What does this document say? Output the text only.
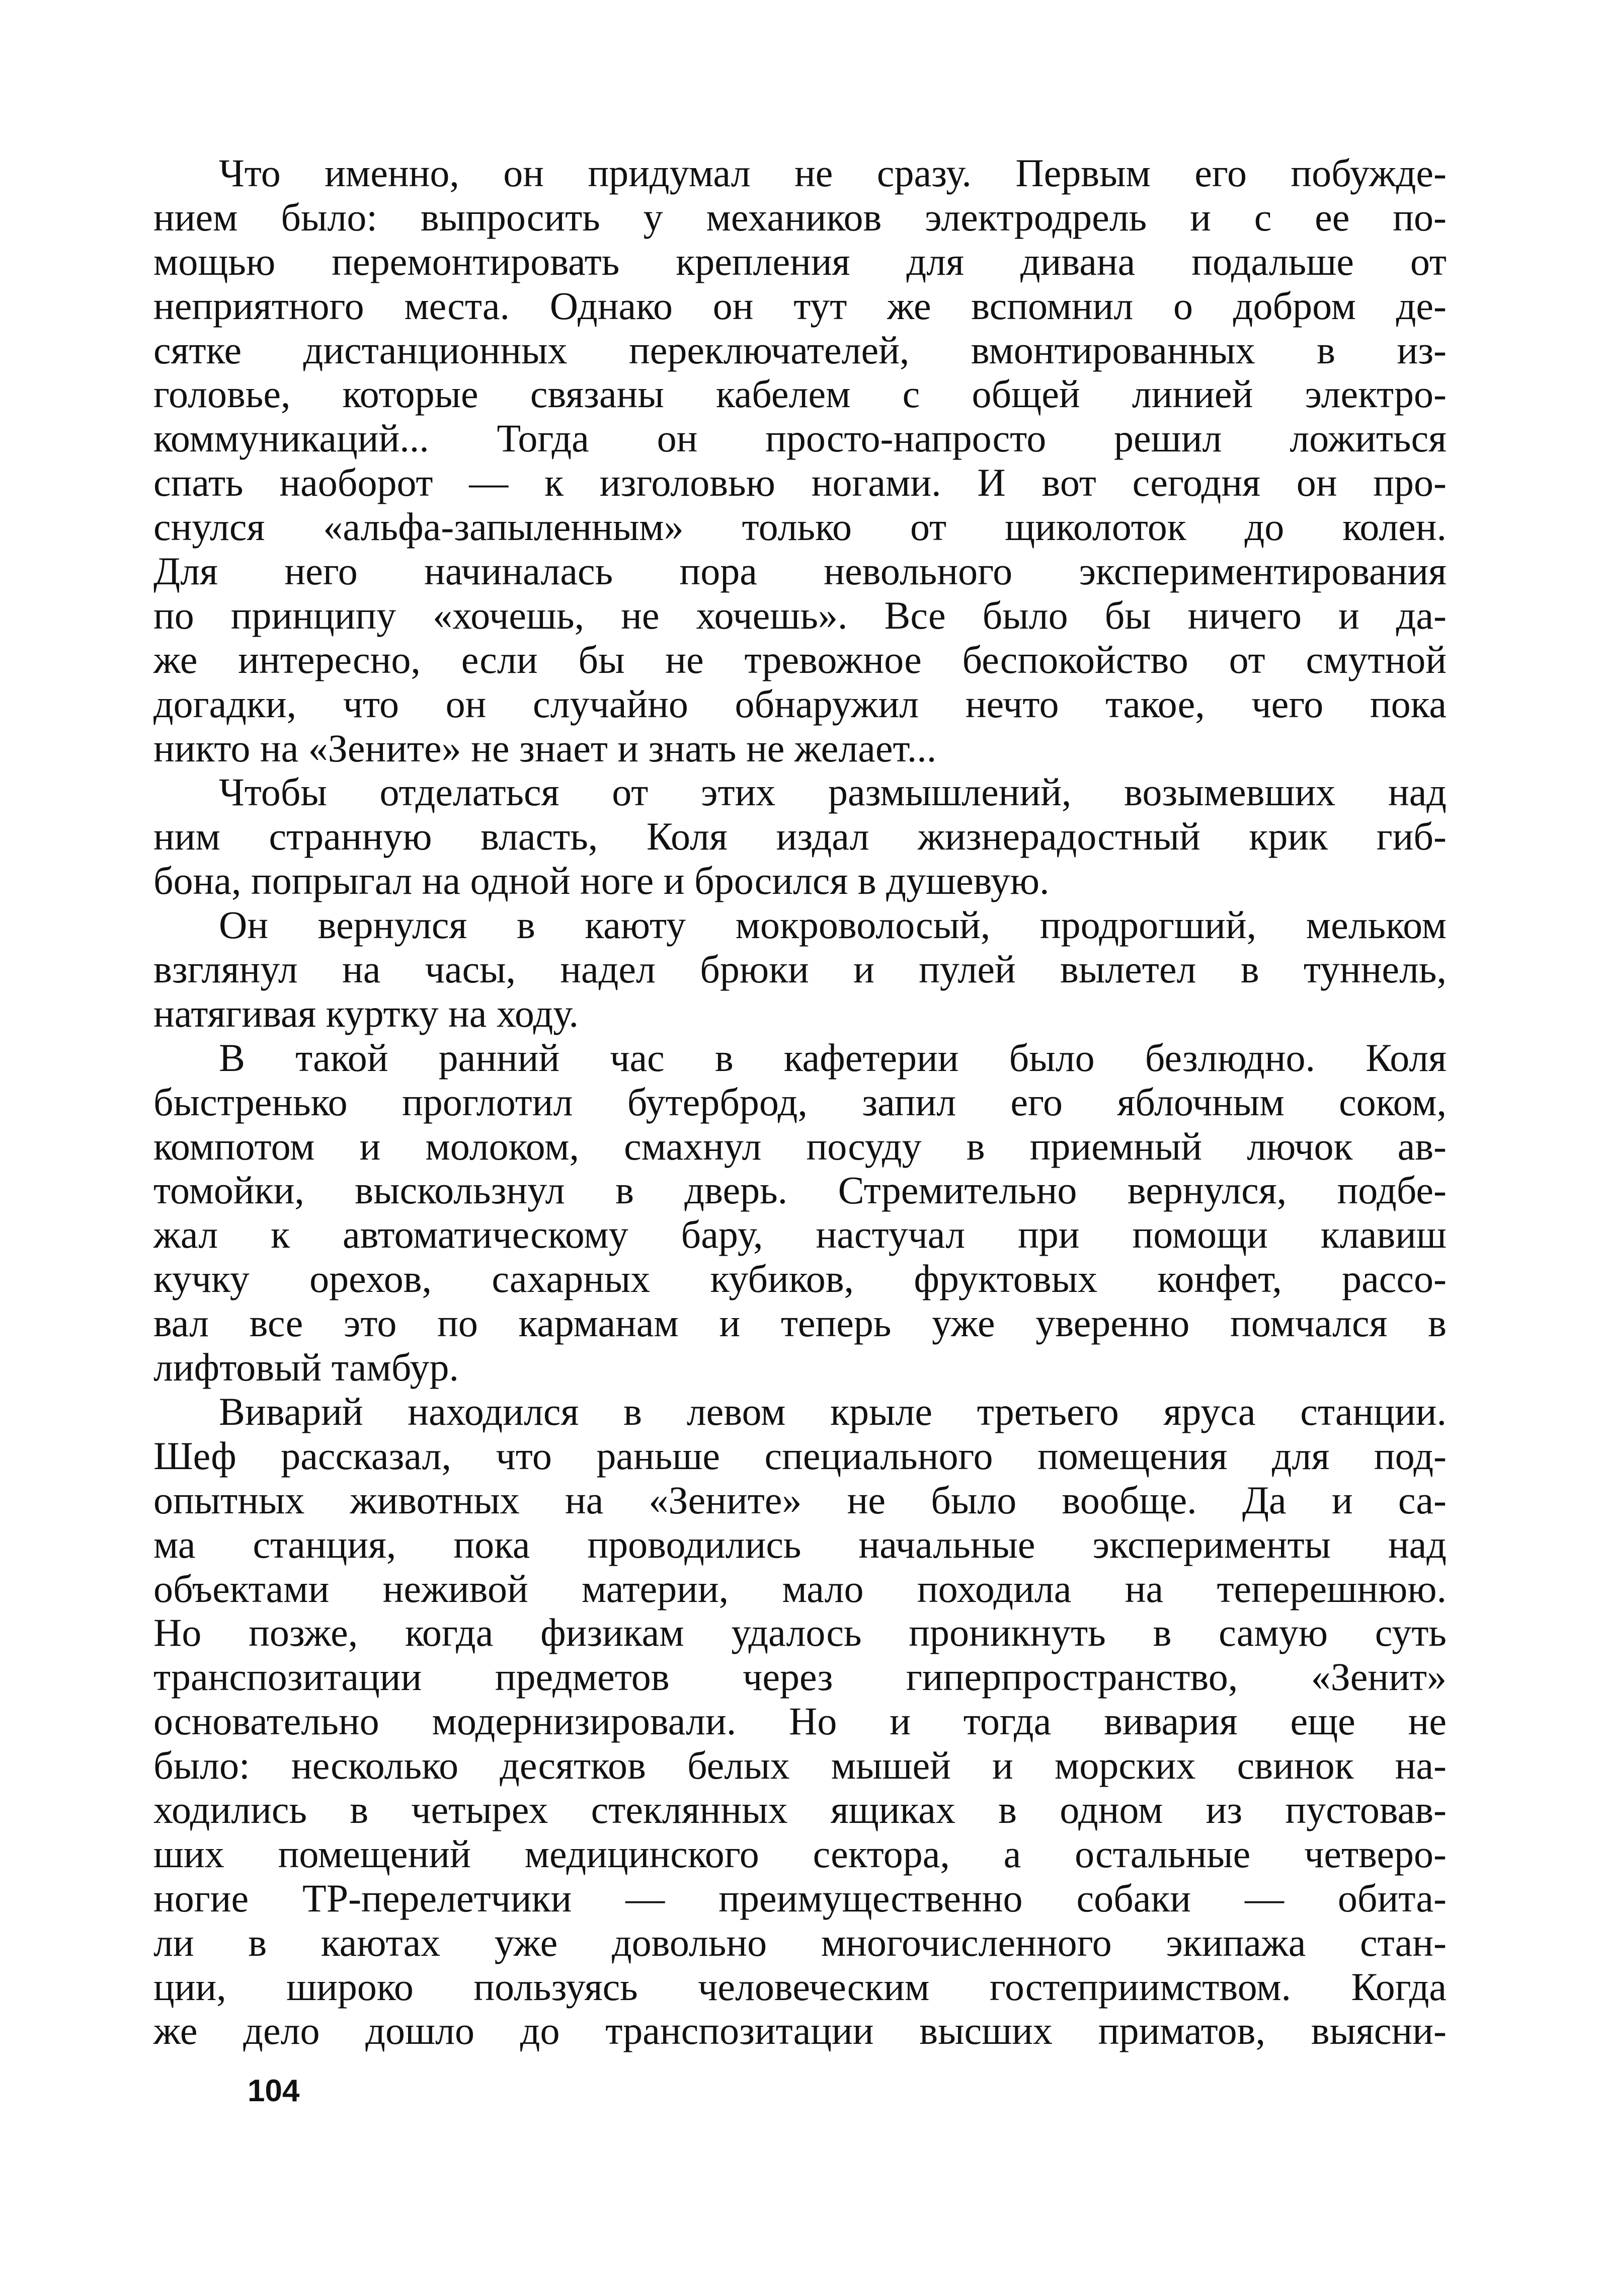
Что именно, он придумал не сразу. Первым его побужде-
нием было: выпросить у механиков электродрель и с ее по-
мощью перемонтировать крепления для дивана подальше от
неприятного места. Однако он тут же вспомнил о добром де-
сятке дистанционных переключателей, вмонтированных в из-
головье, которые связаны кабелем с общей линией электро-
коммуникаций... Тогда он просто-напросто решил ложиться
спать наоборот — к изголовью ногами. И вот сегодня он про-
снулся «альфа-запыленным» только от щиколоток до колен.
Для него начиналась пора невольного экспериментирования
по принципу «хочешь, не хочешь». Все было бы ничего и да-
же интересно, если бы не тревожное беспокойство от смутной
догадки, что он случайно обнаружил нечто такое, чего пока
никто на «Зените» не знает и знать не желает...
Чтобы отделаться от этих размышлений, возымевших над
ним странную власть, Коля издал жизнерадостный крик гиб-
бона, попрыгал на одной ноге и бросился в душевую.
Он вернулся в каюту мокроволосый, продрогший, мельком
взглянул на часы, надел брюки и пулей вылетел в туннель,
натягивая куртку на ходу.
В такой ранний час в кафетерии было безлюдно. Коля
быстренько проглотил бутерброд, запил его яблочным соком,
компотом и молоком, смахнул посуду в приемный лючок ав-
томойки, выскользнул в дверь. Стремительно вернулся, подбе-
жал к автоматическому бару, настучал при помощи клавиш
кучку орехов, сахарных кубиков, фруктовых конфет, рассо-
вал все это по карманам и теперь уже уверенно помчался в
лифтовый тамбур.
Виварий находился в левом крыле третьего яруса станции.
Шеф рассказал, что раньше специального помещения для под-
опытных животных на «Зените» не было вообще. Да и са-
ма станция, пока проводились начальные эксперименты над
объектами неживой материи, мало походила на теперешнюю.
Но позже, когда физикам удалось проникнуть в самую суть
транспозитации предметов через гиперпространство, «Зенит»
основательно модернизировали. Но и тогда вивария еще не
было: несколько десятков белых мышей и морских свинок на-
ходились в четырех стеклянных ящиках в одном из пустовав-
ших помещений медицинского сектора, а остальные четверо-
ногие ТР-перелетчики — преимущественно собаки — обита-
ли в каютах уже довольно многочисленного экипажа стан-
ции, широко пользуясь человеческим гостеприимством. Когда
же дело дошло до транспозитации высших приматов, выясни-
104
